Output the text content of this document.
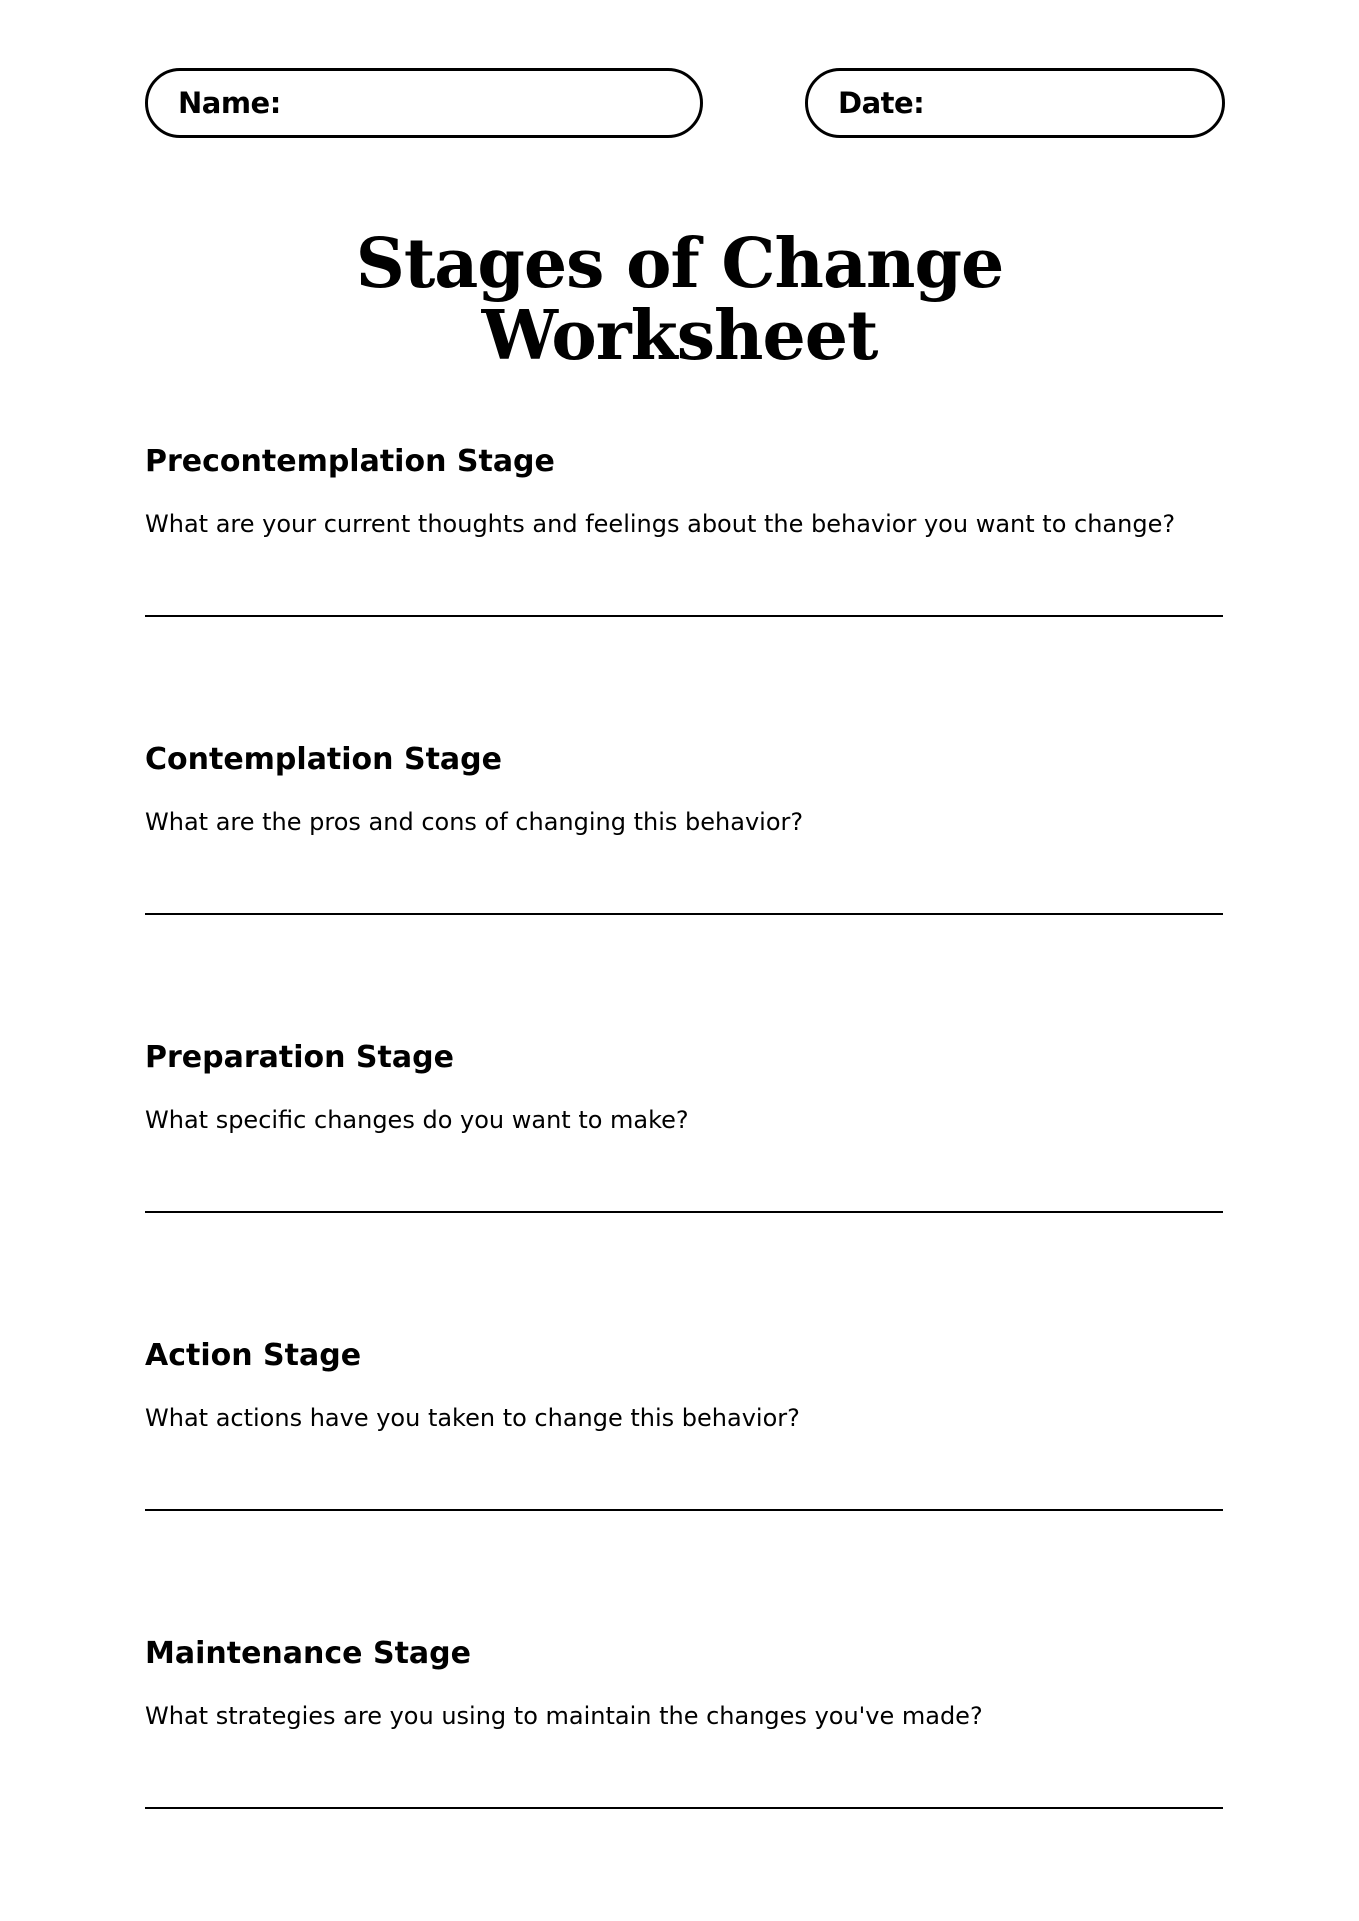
Name:	Date:
Stages of Change
Worksheet
Precontemplation Stage

What are your current thoughts and feelings about the behavior you want to change?

Contemplation Stage

What are the pros and cons of changing this behavior?

Preparation Stage

What specific changes do you want to make?

Action Stage

What actions have you taken to change this behavior?

Maintenance Stage

What strategies are you using to maintain the changes you've made?
